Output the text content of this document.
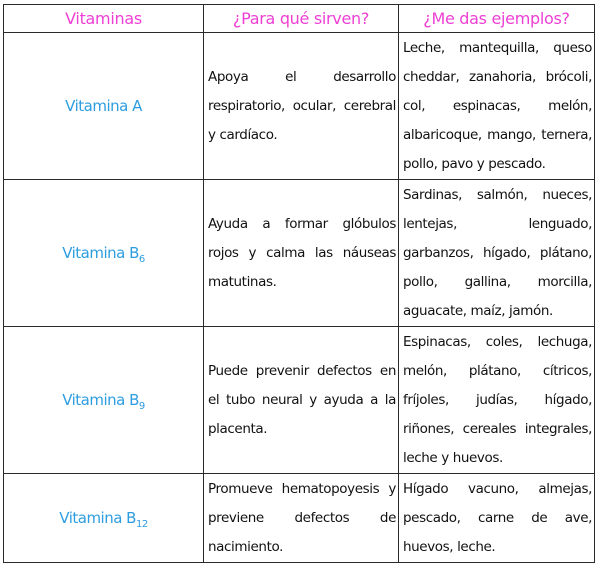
Vitaminas	¿Para qué sirven?	¿Me das ejemplos?
Vitamina A	Apoya el desarrollo respiratorio, ocular, cerebral y cardíaco.	Leche, mantequilla, queso cheddar, zanahoria, brócoli, col, espinacas, melón, albaricoque, mango, ternera, pollo, pavo y pescado.
Vitamina $B_6$	Ayuda a formar glóbulos rojos y calma las náuseas matutinas.	Sardinas, salmón, nueces, lentejas, lenguado, garbanzos, hígado, plátano, pollo, gallina, morcilla, aguacate, maíz, jamón.
Vitamina $B_9$	Puede prevenir defectos en el tubo neural y ayuda a la placenta.	Espinacas, coles, lechuga, melón, plátano, cítricos, fríjoles, judías, hígado, riñones, cereales integrales, leche y huevos.
Vitamina $B_{12}$	Promueve hematopoyesis y previene defectos de nacimiento.	Hígado vacuno, almejas, pescado, carne de ave, huevos, leche.
